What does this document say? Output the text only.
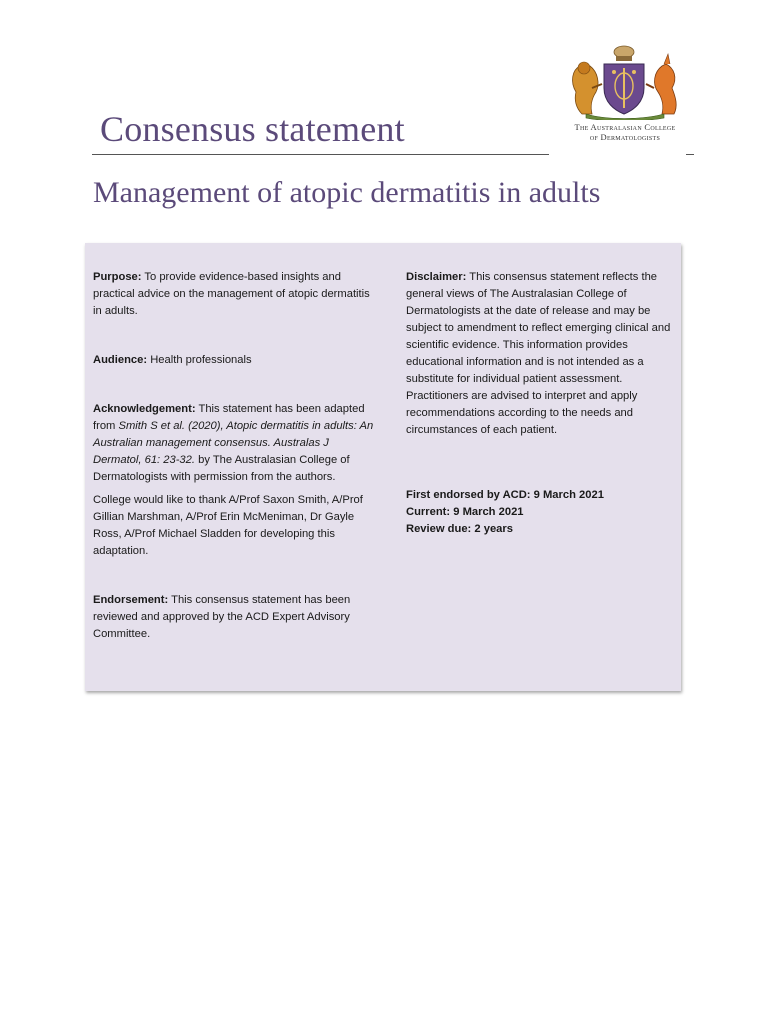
Consensus statement
Management of atopic dermatitis in adults
The Australasian College
of Dermatologists

Purpose: To provide evidence-based insights and practical advice on the management of atopic dermatitis in adults.

Audience: Health professionals

Acknowledgement: This statement has been adapted from Smith S et al. (2020), Atopic dermatitis in adults: An Australian management consensus. Australas J Dermatol, 61: 23-32. by The Australasian College of Dermatologists with permission from the authors.

College would like to thank A/Prof Saxon Smith, A/Prof Gillian Marshman, A/Prof Erin McMeniman, Dr Gayle Ross, A/Prof Michael Sladden for developing this adaptation.

Endorsement: This consensus statement has been reviewed and approved by the ACD Expert Advisory Committee.

Disclaimer: This consensus statement reflects the general views of The Australasian College of Dermatologists at the date of release and may be subject to amendment to reflect emerging clinical and scientific evidence. This information provides educational information and is not intended as a substitute for individual patient assessment. Practitioners are advised to interpret and apply recommendations according to the needs and circumstances of each patient.

First endorsed by ACD: 9 March 2021

Current: 9 March 2021

Review due: 2 years
